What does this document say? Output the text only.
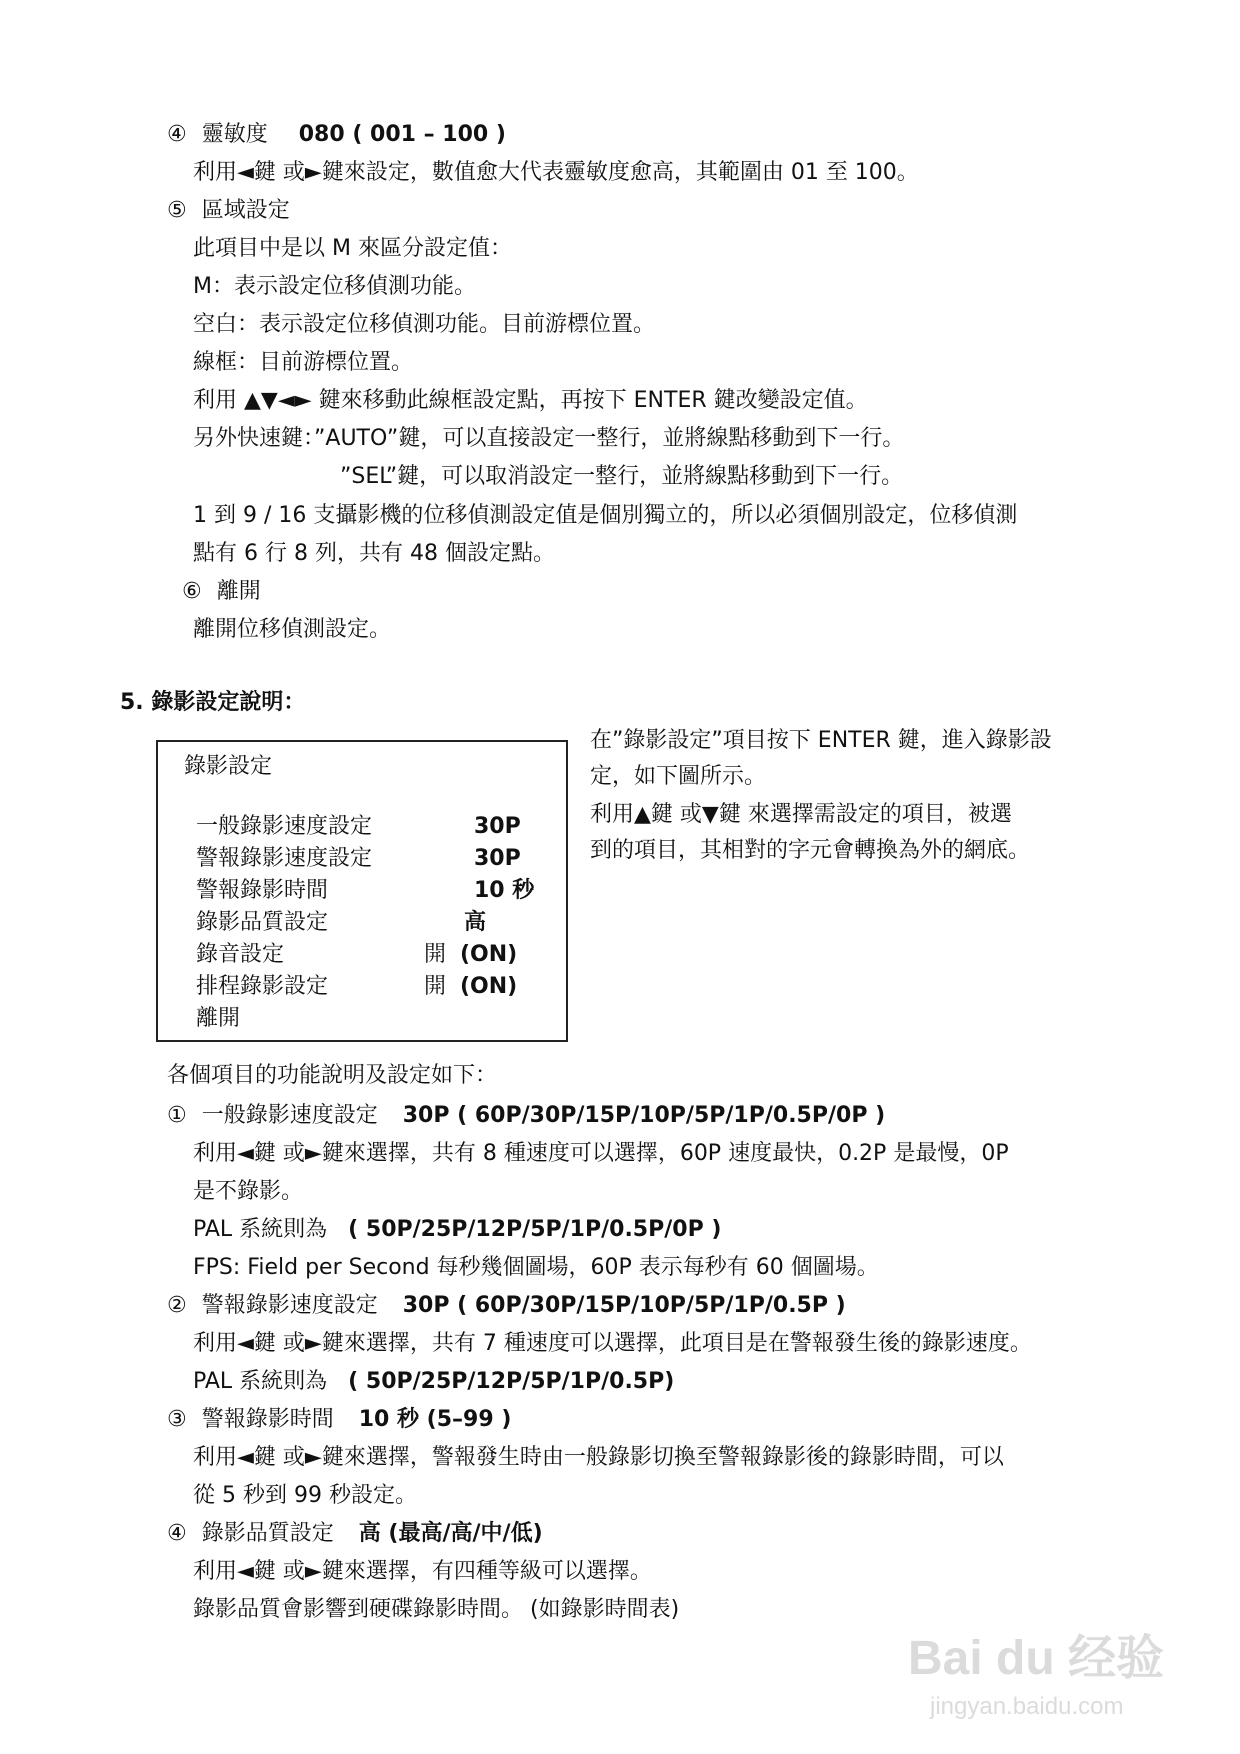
④ 靈敏度 080 ( 001 – 100 )
利用◄鍵 或►鍵來設定，數值愈大代表靈敏度愈高，其範圍由 01 至 100。
⑤ 區域設定
此項目中是以 M 來區分設定值：
M：表示設定位移偵測功能。
空白：表示設定位移偵測功能。目前游標位置。
線框：目前游標位置。
利用 ▲▼◄► 鍵來移動此線框設定點，再按下 ENTER 鍵改變設定值。
另外快速鍵：”AUTO”鍵，可以直接設定一整行，並將線點移動到下一行。
”SEL”鍵，可以取消設定一整行，並將線點移動到下一行。
1 到 9 / 16 支攝影機的位移偵測設定值是個別獨立的，所以必須個別設定，位移偵測
點有 6 行 8 列，共有 48 個設定點。
⑥ 離開
離開位移偵測設定。
5. 錄影設定說明：
錄影設定
一般錄影速度設定	30P
警報錄影速度設定	30P
警報錄影時間	10 秒
錄影品質設定	高
錄音設定	開 (ON)
排程錄影設定	開 (ON)
離開
在”錄影設定”項目按下 ENTER 鍵，進入錄影設
定，如下圖所示。
利用▲鍵 或▼鍵 來選擇需設定的項目，被選
到的項目，其相對的字元會轉換為外的網底。
各個項目的功能說明及設定如下：
① 一般錄影速度設定 30P ( 60P/30P/15P/10P/5P/1P/0.5P/0P )
利用◄鍵 或►鍵來選擇，共有 8 種速度可以選擇，60P 速度最快，0.2P 是最慢，0P
是不錄影。
PAL 系統則為 ( 50P/25P/12P/5P/1P/0.5P/0P )
FPS: Field per Second 每秒幾個圖場，60P 表示每秒有 60 個圖場。
② 警報錄影速度設定 30P ( 60P/30P/15P/10P/5P/1P/0.5P )
利用◄鍵 或►鍵來選擇，共有 7 種速度可以選擇，此項目是在警報發生後的錄影速度。
PAL 系統則為 ( 50P/25P/12P/5P/1P/0.5P)
③ 警報錄影時間 10 秒 (5–99 )
利用◄鍵 或►鍵來選擇，警報發生時由一般錄影切換至警報錄影後的錄影時間，可以
從 5 秒到 99 秒設定。
④ 錄影品質設定 高 (最高/高/中/低)
利用◄鍵 或►鍵來選擇，有四種等級可以選擇。
錄影品質會影響到硬碟錄影時間。 (如錄影時間表)
Bai du 经验
jingyan.baidu.com
